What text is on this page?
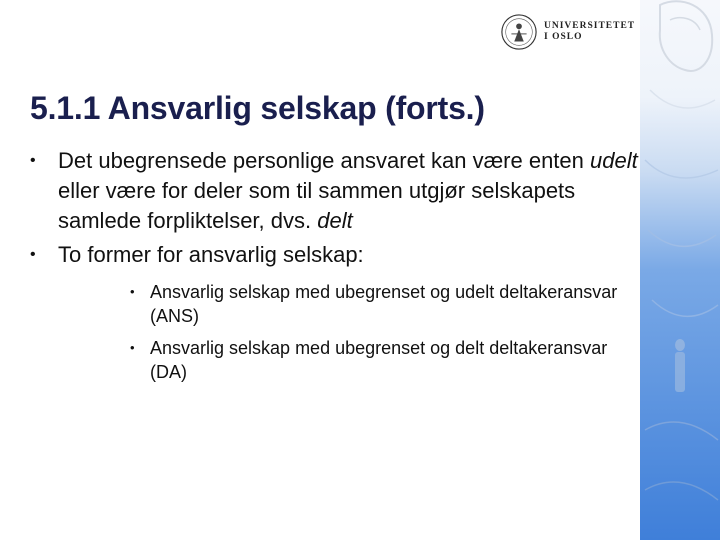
UNIVERSITETET
I OSLO
5.1.1 Ansvarlig selskap (forts.)
• Det ubegrensede personlige ansvaret kan være enten udelt eller være for deler som til sammen utgjør selskapets samlede forpliktelser, dvs. delt
• To former for ansvarlig selskap:
• Ansvarlig selskap med ubegrenset og udelt deltakeransvar (ANS)
• Ansvarlig selskap med ubegrenset og delt deltakeransvar (DA)
